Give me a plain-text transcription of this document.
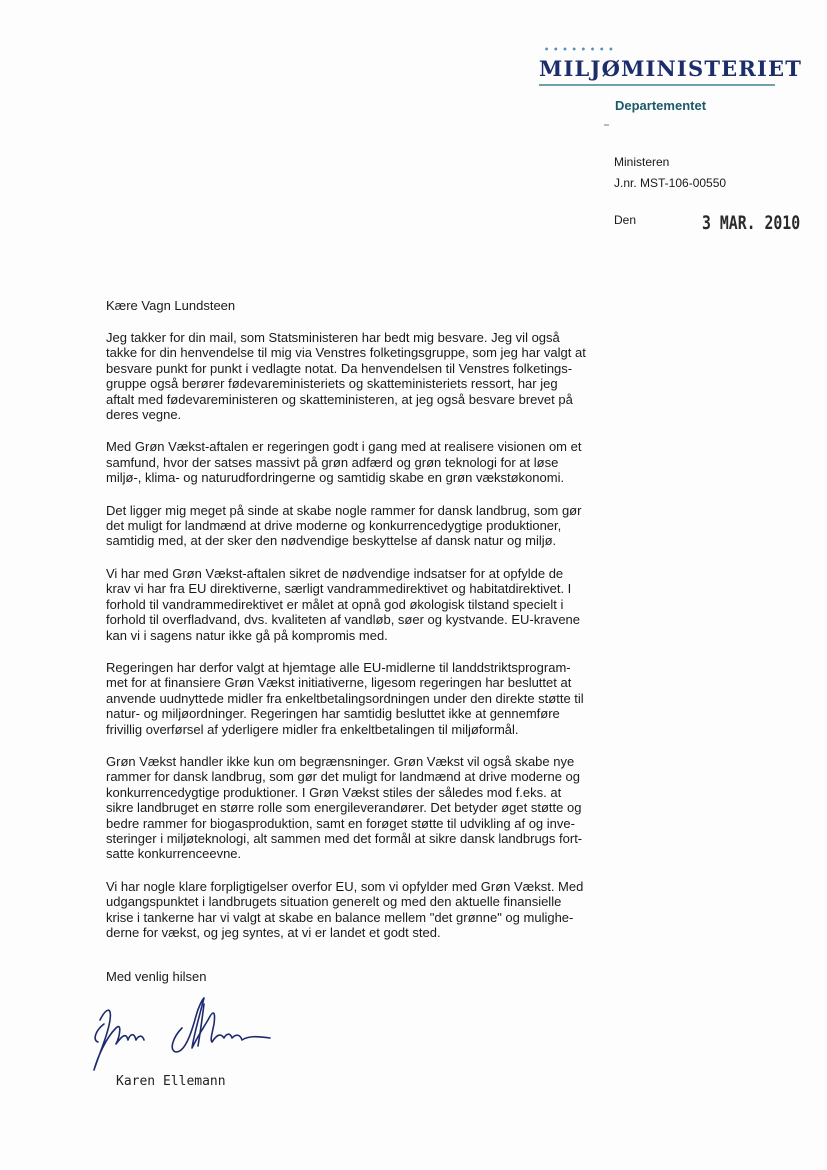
MILJØMINISTERIET
Departementet
Ministeren
J.nr. MST-106-00550
Den	3 MAR. 2010
Kære Vagn Lundsteen

Jeg takker for din mail, som Statsministeren har bedt mig besvare. Jeg vil også
takke for din henvendelse til mig via Venstres folketingsgruppe, som jeg har valgt at
besvare punkt for punkt i vedlagte notat. Da henvendelsen til Venstres folketings-
gruppe også berører fødevareministeriets og skatteministeriets ressort, har jeg
aftalt med fødevareministeren og skatteministeren, at jeg også besvare brevet på
deres vegne.

Med Grøn Vækst-aftalen er regeringen godt i gang med at realisere visionen om et
samfund, hvor der satses massivt på grøn adfærd og grøn teknologi for at løse
miljø-, klima- og naturudfordringerne og samtidig skabe en grøn vækstøkonomi.

Det ligger mig meget på sinde at skabe nogle rammer for dansk landbrug, som gør
det muligt for landmænd at drive moderne og konkurrencedygtige produktioner,
samtidig med, at der sker den nødvendige beskyttelse af dansk natur og miljø.

Vi har med Grøn Vækst-aftalen sikret de nødvendige indsatser for at opfylde de
krav vi har fra EU direktiverne, særligt vandrammedirektivet og habitatdirektivet. I
forhold til vandrammedirektivet er målet at opnå god økologisk tilstand specielt i
forhold til overfladvand, dvs. kvaliteten af vandløb, søer og kystvande. EU-kravene
kan vi i sagens natur ikke gå på kompromis med.

Regeringen har derfor valgt at hjemtage alle EU-midlerne til landdstriktsprogram-
met for at finansiere Grøn Vækst initiativerne, ligesom regeringen har besluttet at
anvende uudnyttede midler fra enkeltbetalingsordningen under den direkte støtte til
natur- og miljøordninger. Regeringen har samtidig besluttet ikke at gennemføre
frivillig overførsel af yderligere midler fra enkeltbetalingen til miljøformål.

Grøn Vækst handler ikke kun om begrænsninger. Grøn Vækst vil også skabe nye
rammer for dansk landbrug, som gør det muligt for landmænd at drive moderne og
konkurrencedygtige produktioner. I Grøn Vækst stiles der således mod f.eks. at
sikre landbruget en større rolle som energileverandører. Det betyder øget støtte og
bedre rammer for biogasproduktion, samt en forøget støtte til udvikling af og inve-
steringer i miljøteknologi, alt sammen med det formål at sikre dansk landbrugs fort-
satte konkurrenceevne.

Vi har nogle klare forpligtigelser overfor EU, som vi opfylder med Grøn Vækst. Med
udgangspunktet i landbrugets situation generelt og med den aktuelle finansielle
krise i tankerne har vi valgt at skabe en balance mellem "det grønne" og mulighe-
derne for vækst, og jeg syntes, at vi er landet et godt sted.

Med venlig hilsen
Karen Ellemann
